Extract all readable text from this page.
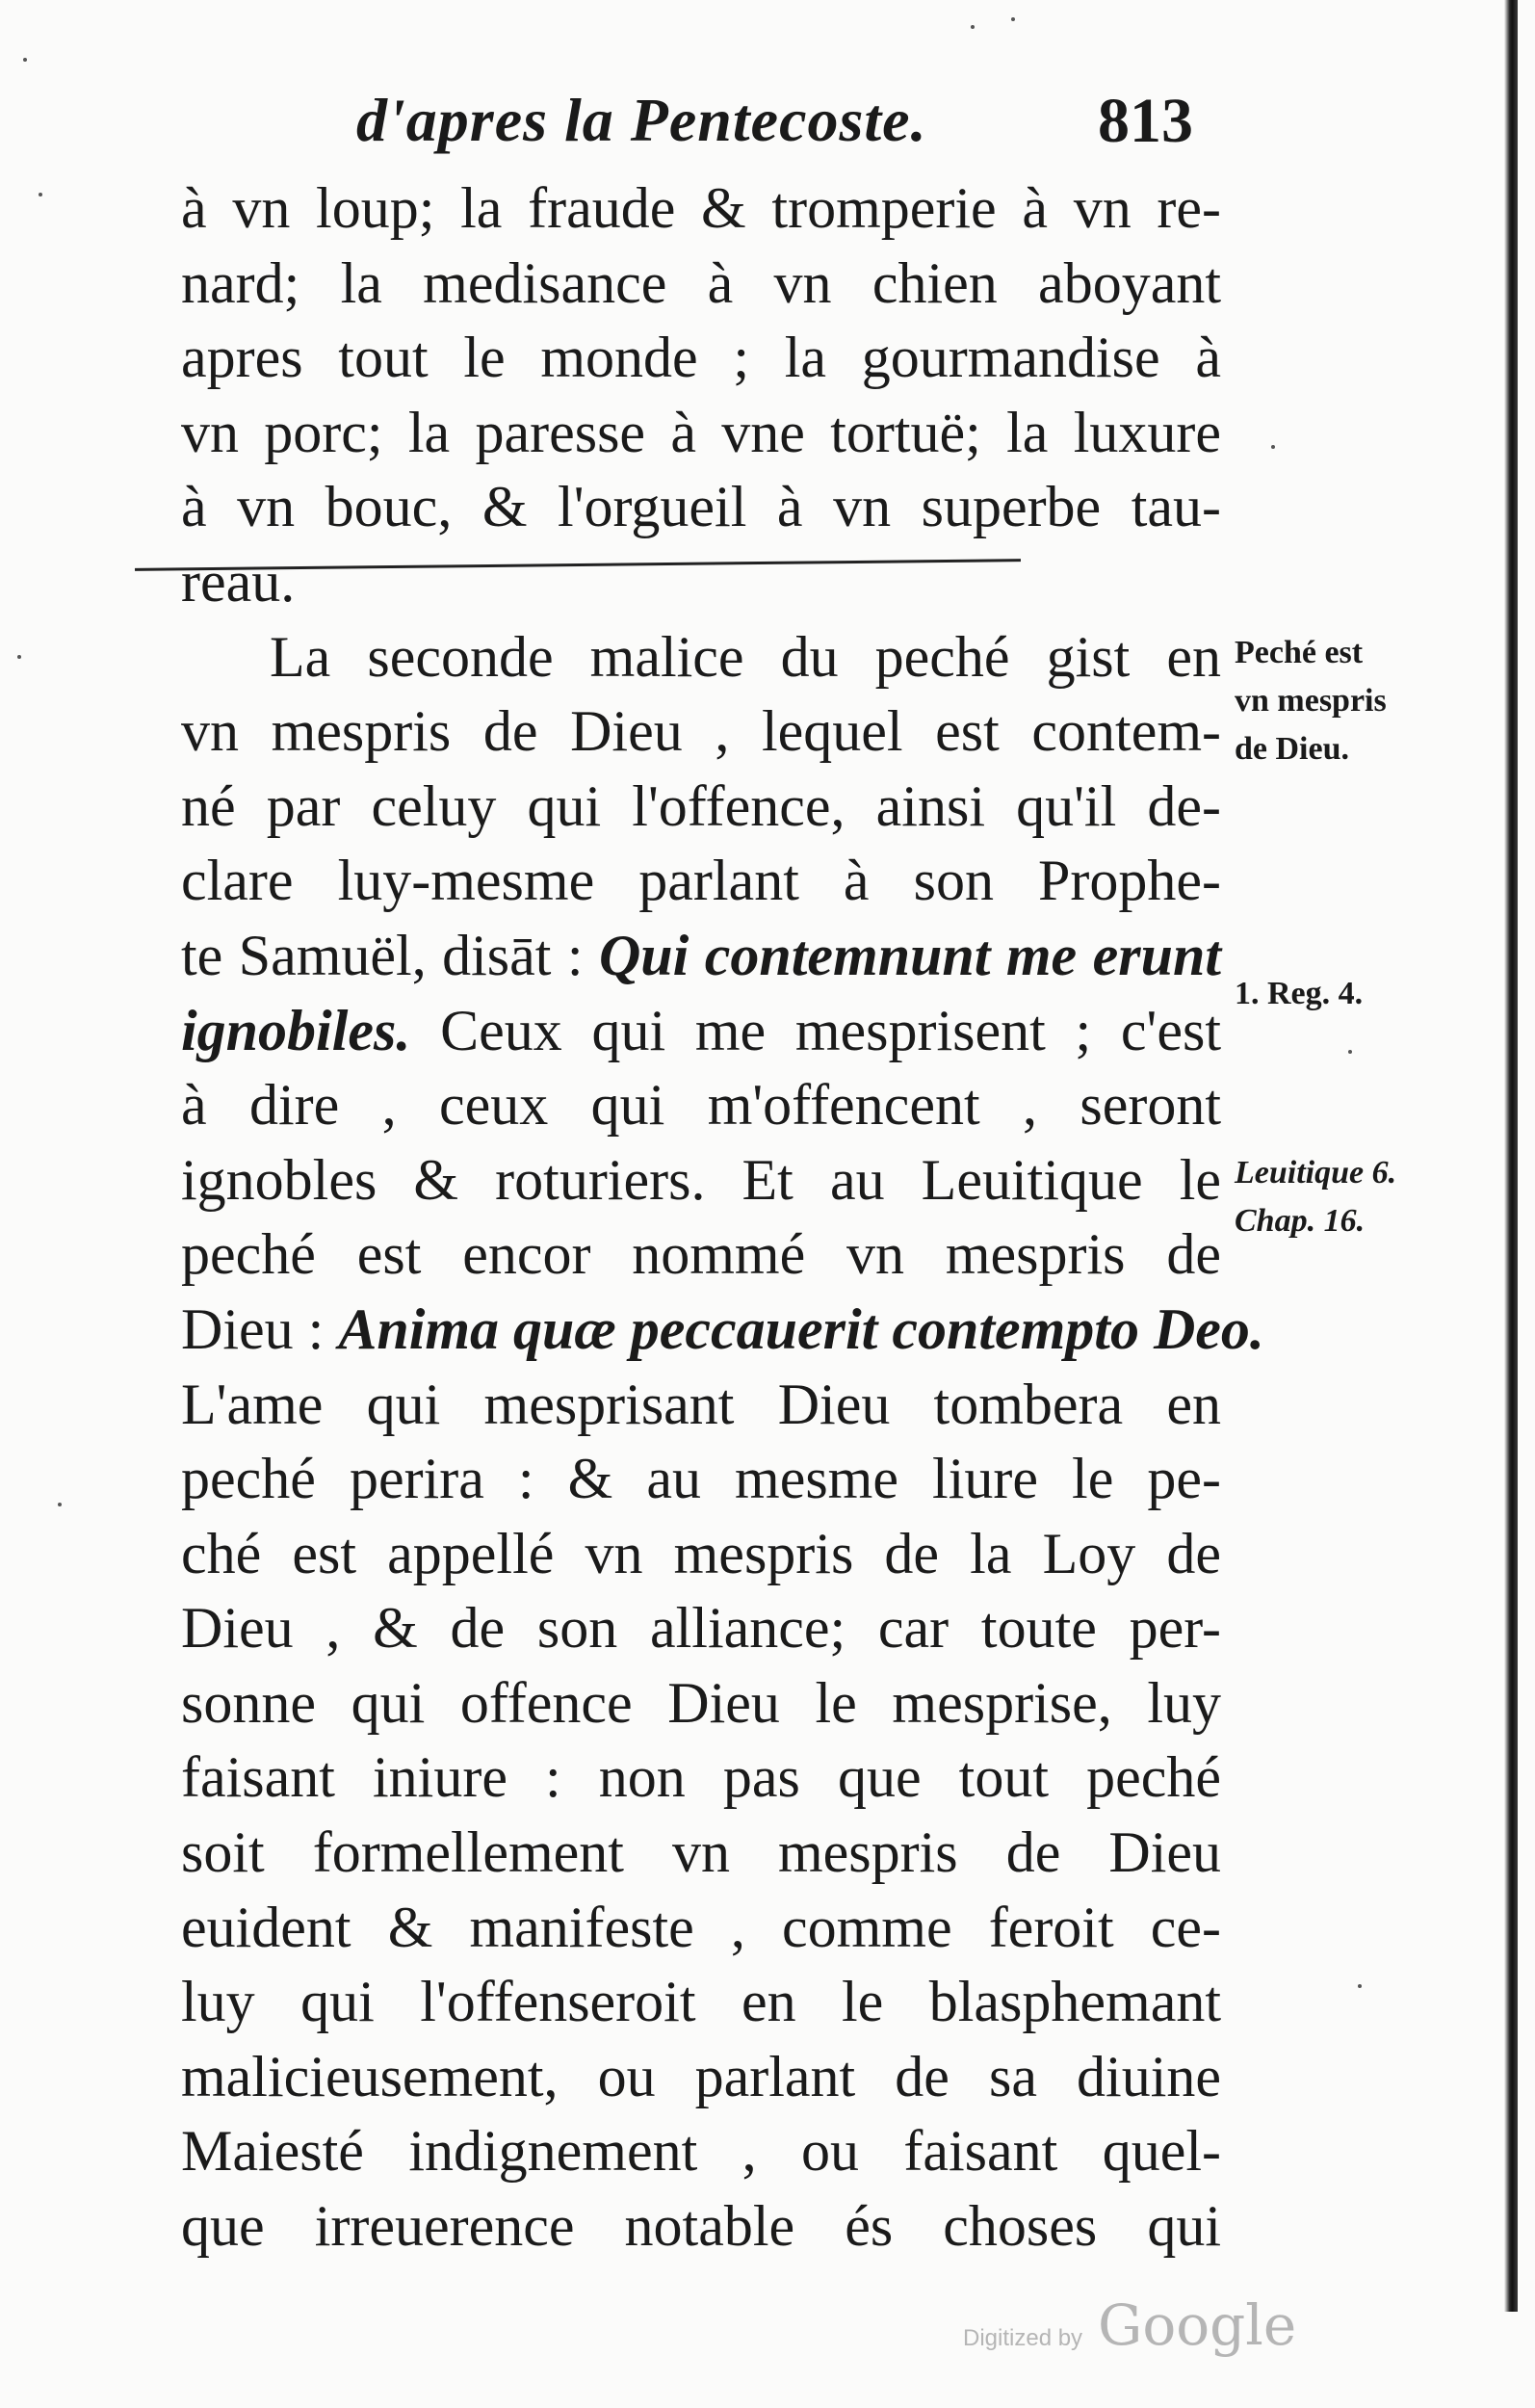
d'apres la Pentecoste.	813
à vn loup; la fraude & tromperie à vn re-
nard; la medisance à vn chien aboyant
apres tout le monde ; la gourmandise à
vn porc; la paresse à vne tortuë; la luxure
à vn bouc, & l'orgueil à vn superbe tau-
reau.
La seconde malice du peché gist en
vn mespris de Dieu , lequel est contem-
né par celuy qui l'offence, ainsi qu'il de-
clare luy-mesme parlant à son Prophe-
te Samuël, disāt : Qui contemnunt me erunt
ignobiles. Ceux qui me mesprisent ; c'est
à dire , ceux qui m'offencent , seront
ignobles & roturiers. Et au Leuitique le
peché est encor nommé vn mespris de
Dieu : Anima quæ peccauerit contempto Deo.
L'ame qui mesprisant Dieu tombera en
peché perira : & au mesme liure le pe-
ché est appellé vn mespris de la Loy de
Dieu , & de son alliance; car toute per-
sonne qui offence Dieu le mesprise, luy
faisant iniure : non pas que tout peché
soit formellement vn mespris de Dieu
euident & manifeste , comme feroit ce-
luy qui l'offenseroit en le blasphemant
malicieusement, ou parlant de sa diuine
Maiesté indignement , ou faisant quel-
que irreuerence notable és choses qui
Peché est
vn mespris
de Dieu.
1. Reg. 4.
Leuitique 6.
Chap. 16.
Digitized by Google
